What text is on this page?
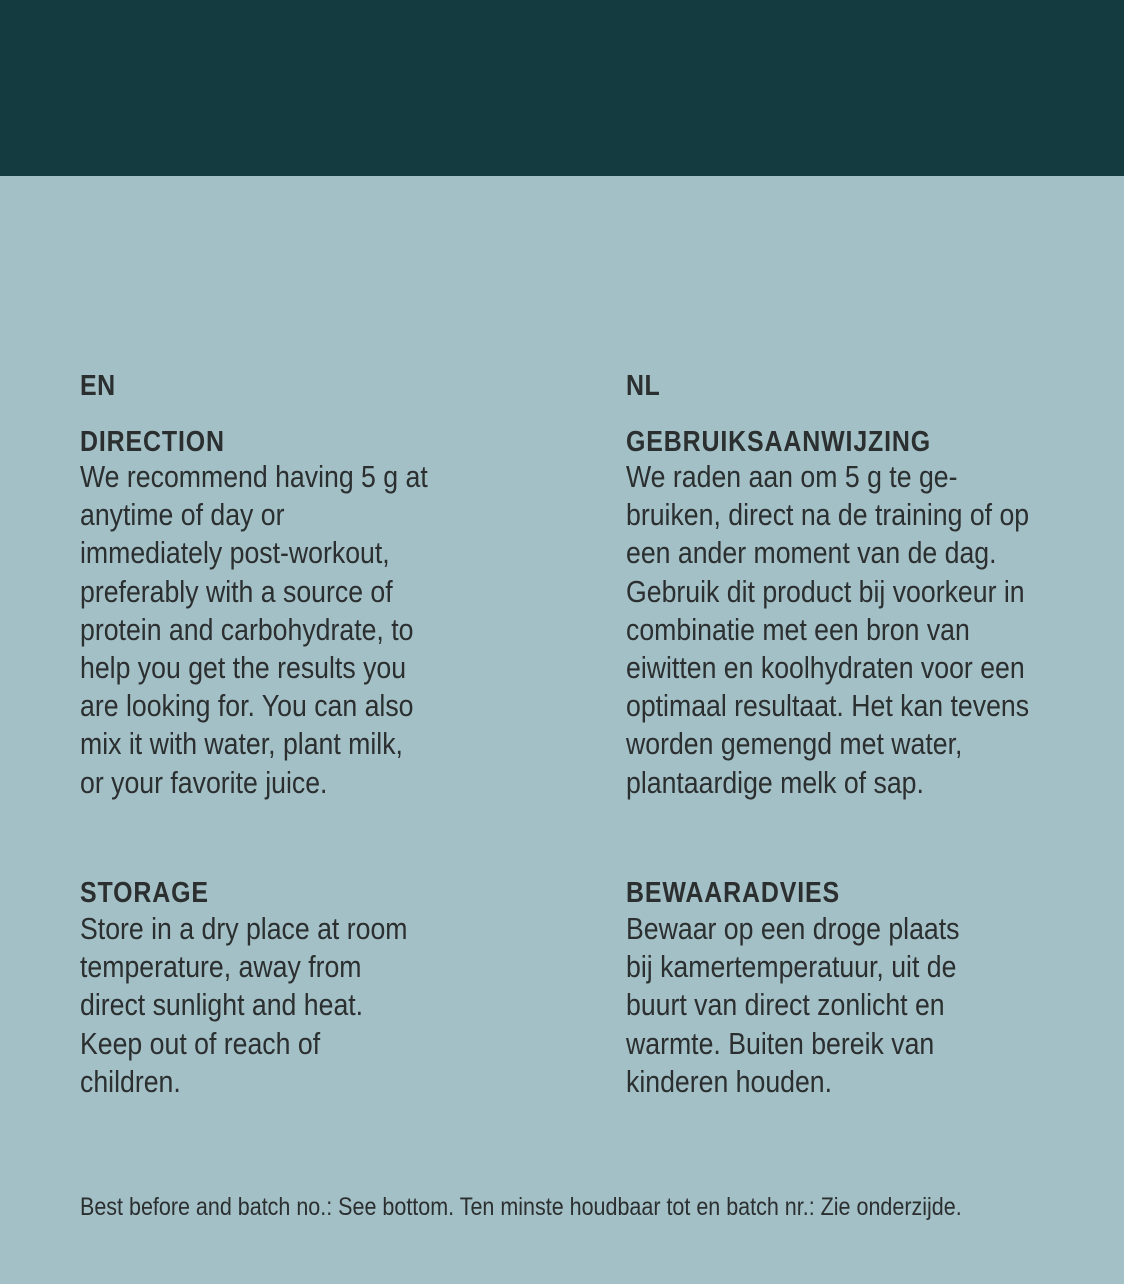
EN
DIRECTION
We recommend having 5 g at
anytime of day or
immediately post-workout,
preferably with a source of
protein and carbohydrate, to
help you get the results you
are looking for. You can also
mix it with water, plant milk,
or your favorite juice.
STORAGE
Store in a dry place at room
temperature, away from
direct sunlight and heat.
Keep out of reach of
children.
NL
GEBRUIKSAANWIJZING
We raden aan om 5 g te ge-
bruiken, direct na de training of op
een ander moment van de dag.
Gebruik dit product bij voorkeur in
combinatie met een bron van
eiwitten en koolhydraten voor een
optimaal resultaat. Het kan tevens
worden gemengd met water,
plantaardige melk of sap.
BEWAARADVIES
Bewaar op een droge plaats
bij kamertemperatuur, uit de
buurt van direct zonlicht en
warmte. Buiten bereik van
kinderen houden.
Best before and batch no.: See bottom. Ten minste houdbaar tot en batch nr.: Zie onderzijde.
